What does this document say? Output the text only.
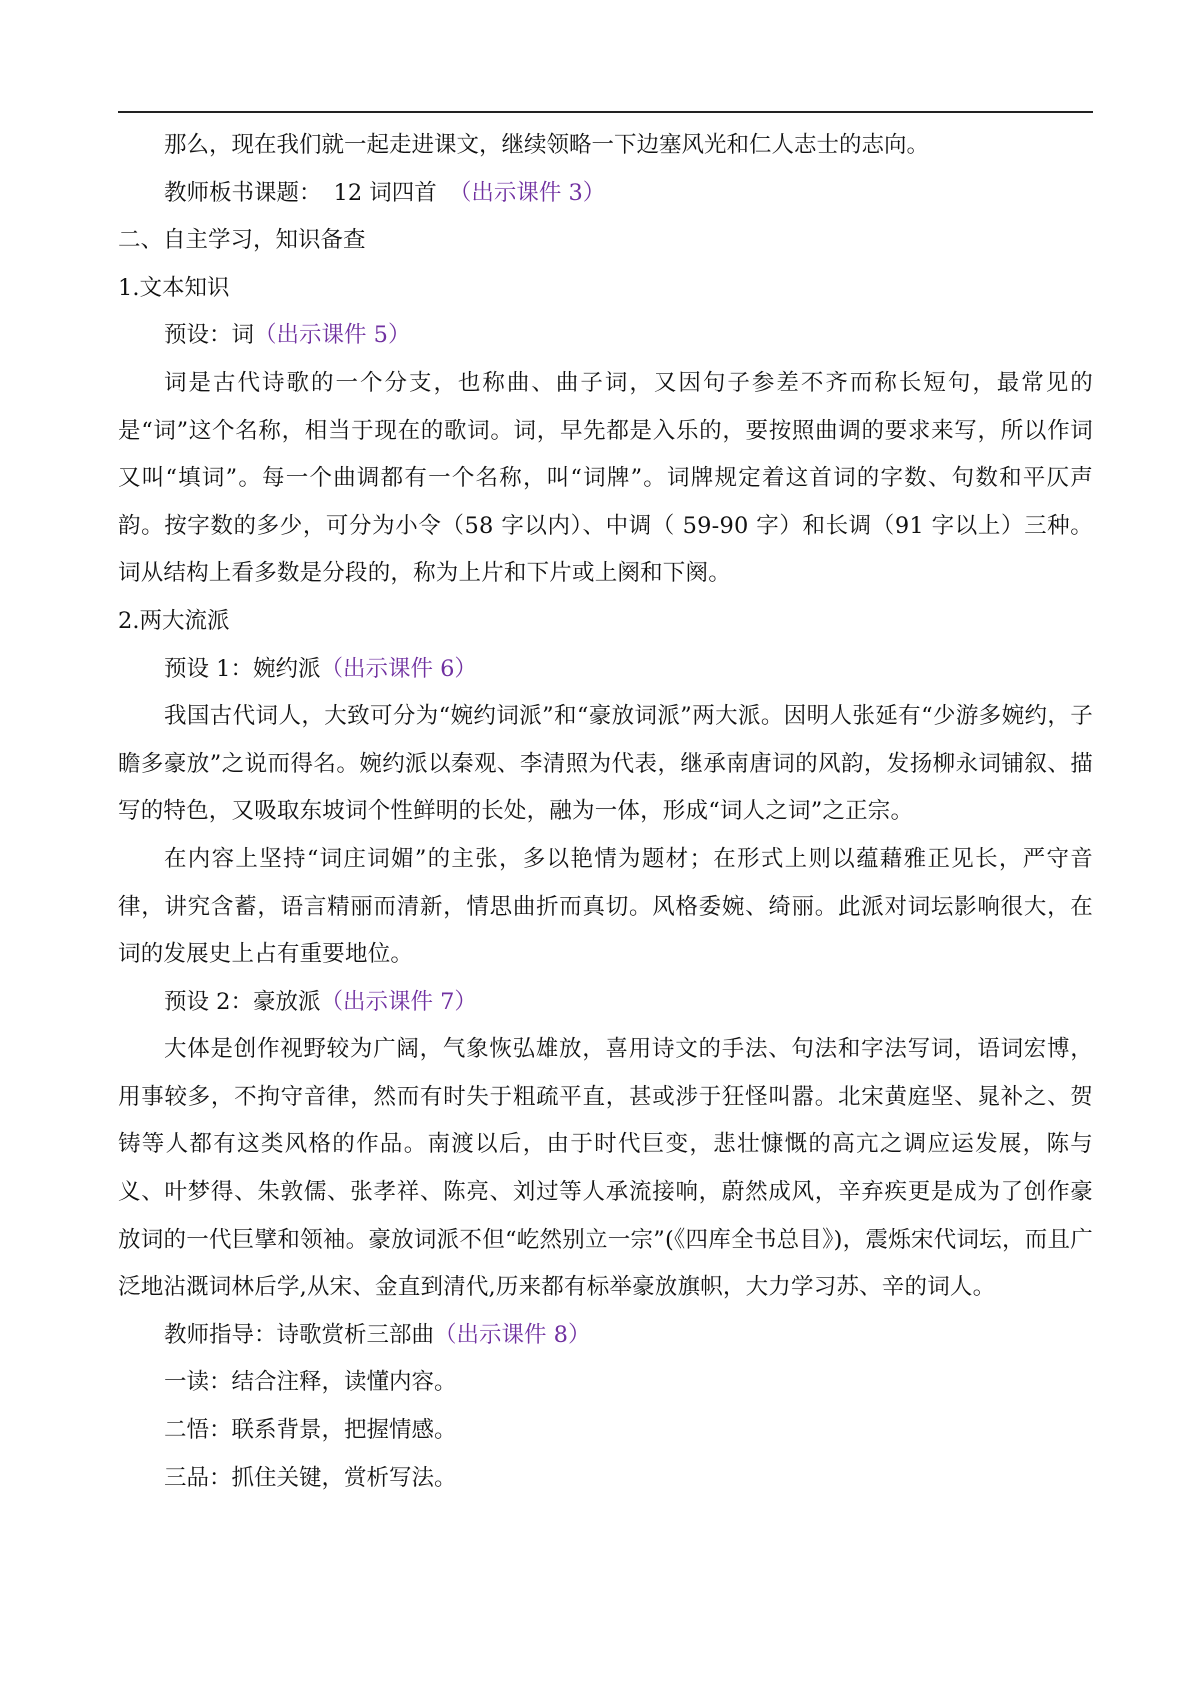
那么，现在我们就一起走进课文，继续领略一下边塞风光和仁人志士的志向。

教师板书课题： 12 词四首 （出示课件 3）

二、自主学习，知识备查

1.文本知识

预设：词（出示课件 5）

词是古代诗歌的一个分支，也称曲、曲子词，又因句子参差不齐而称长短句，最常见的是“词”这个名称，相当于现在的歌词。词，早先都是入乐的，要按照曲调的要求来写，所以作词又叫“填词”。每一个曲调都有一个名称，叫“词牌”。词牌规定着这首词的字数、句数和平仄声韵。按字数的多少，可分为小令（58 字以内）、中调（ 59-90 字）和长调（91 字以上）三种。词从结构上看多数是分段的，称为上片和下片或上阕和下阕。

2.两大流派

预设 1：婉约派（出示课件 6）

我国古代词人，大致可分为“婉约词派”和“豪放词派”两大派。因明人张延有“少游多婉约，子瞻多豪放”之说而得名。婉约派以秦观、李清照为代表，继承南唐词的风韵，发扬柳永词铺叙、描写的特色，又吸取东坡词个性鲜明的长处，融为一体，形成“词人之词”之正宗。

在内容上坚持“词庄词媚”的主张，多以艳情为题材；在形式上则以蕴藉雅正见长，严守音律，讲究含蓄，语言精丽而清新，情思曲折而真切。风格委婉、绮丽。此派对词坛影响很大，在词的发展史上占有重要地位。

预设 2：豪放派（出示课件 7）

大体是创作视野较为广阔，气象恢弘雄放，喜用诗文的手法、句法和字法写词，语词宏博，用事较多，不拘守音律，然而有时失于粗疏平直，甚或涉于狂怪叫嚣。北宋黄庭坚、晁补之、贺铸等人都有这类风格的作品。南渡以后，由于时代巨变，悲壮慷慨的高亢之调应运发展，陈与义、叶梦得、朱敦儒、张孝祥、陈亮、刘过等人承流接响，蔚然成风，辛弃疾更是成为了创作豪放词的一代巨擘和领袖。豪放词派不但“屹然别立一宗”(《四库全书总目》)，震烁宋代词坛，而且广泛地沾溉词林后学,从宋、金直到清代,历来都有标举豪放旗帜，大力学习苏、辛的词人。

教师指导：诗歌赏析三部曲（出示课件 8）

一读：结合注释，读懂内容。

二悟：联系背景，把握情感。

三品：抓住关键，赏析写法。
